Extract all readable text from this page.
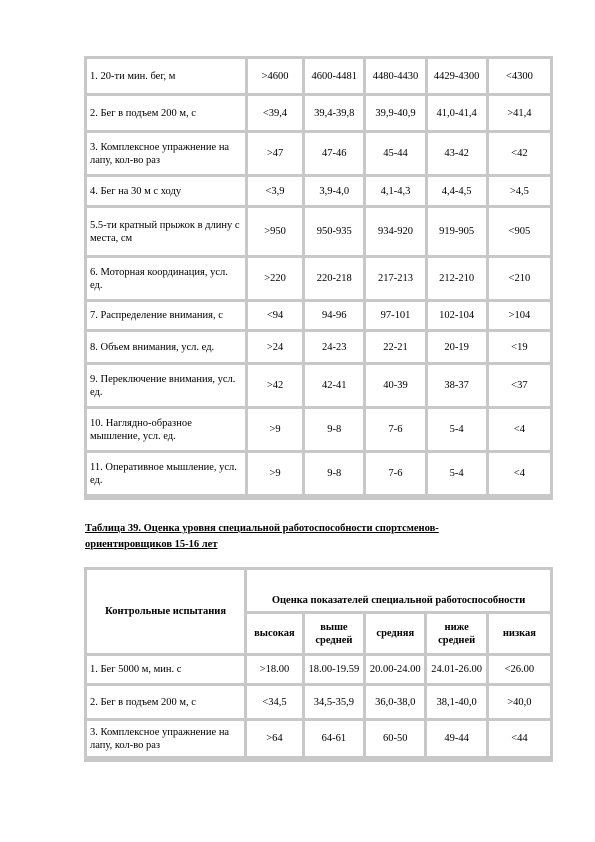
1. 20-ти мин. бег, м	>4600	4600-4481	4480-4430	4429-4300	<4300
2. Бег в подъем 200 м, с	<39,4	39,4-39,8	39,9-40,9	41,0-41,4	>41,4
3. Комплексное упражнение на лапу, кол-во раз	>47	47-46	45-44	43-42	<42
4. Бег на 30 м с ходу	<3,9	3,9-4,0	4,1-4,3	4,4-4,5	>4,5
5.5-ти кратный прыжок в длину с места, см	>950	950-935	934-920	919-905	<905
6. Моторная координация, усл. ед.	>220	220-218	217-213	212-210	<210
7. Распределение внимания, с	<94	94-96	97-101	102-104	>104
8. Объем внимания, усл. ед.	>24	24-23	22-21	20-19	<19
9. Переключение внимания, усл. ед.	>42	42-41	40-39	38-37	<37
10. Наглядно-образное мышление, усл. ед.	>9	9-8	7-6	5-4	<4
11. Оперативное мышление, усл. ед.	>9	9-8	7-6	5-4	<4
Таблица 39. Оценка уровня специальной работоспособности спортсменов-ориентировщиков 15-16 лет
Контрольные испытания	Оценка показателей специальной работоспособности				
	высокая	выше средней	средняя	ниже средней	низкая
1. Бег 5000 м, мин. с	>18.00	18.00-19.59	20.00-24.00	24.01-26.00	<26.00
2. Бег в подъем 200 м, с	<34,5	34,5-35,9	36,0-38,0	38,1-40,0	>40,0
3. Комплексное упражнение на лапу, кол-во раз	>64	64-61	60-50	49-44	<44
